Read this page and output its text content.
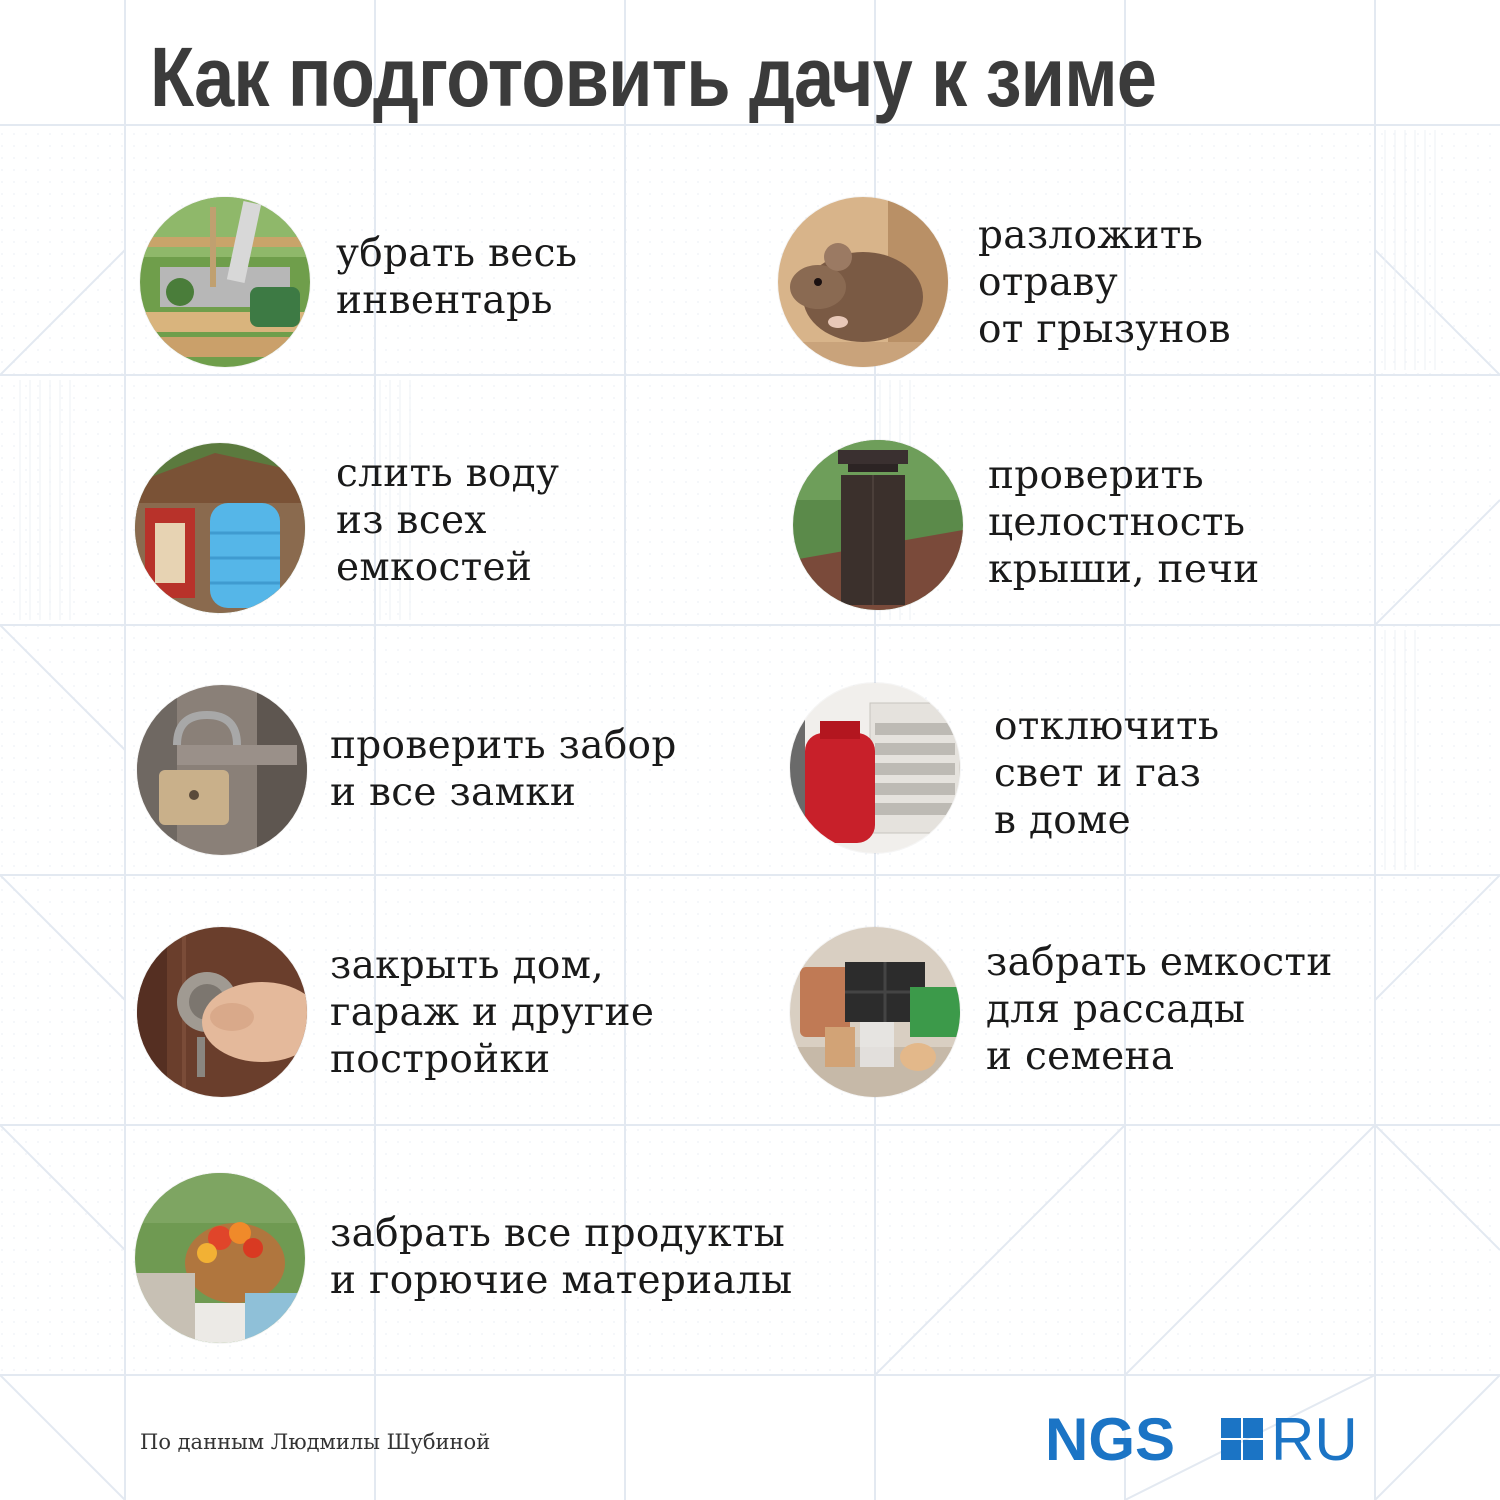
Как подготовить дачу к зиме

убрать весь
инвентарь

разложить
отраву
от грызунов

слить воду
из всех
емкостей

проверить
целостность
крыши, печи

проверить забор
и все замки

отключить
свет и газ
в доме

закрыть дом,
гараж и другие
постройки

забрать емкости
для рассады
и семена

забрать все продукты
и горючие материалы

По данным Людмилы Шубиной	NGS RU
